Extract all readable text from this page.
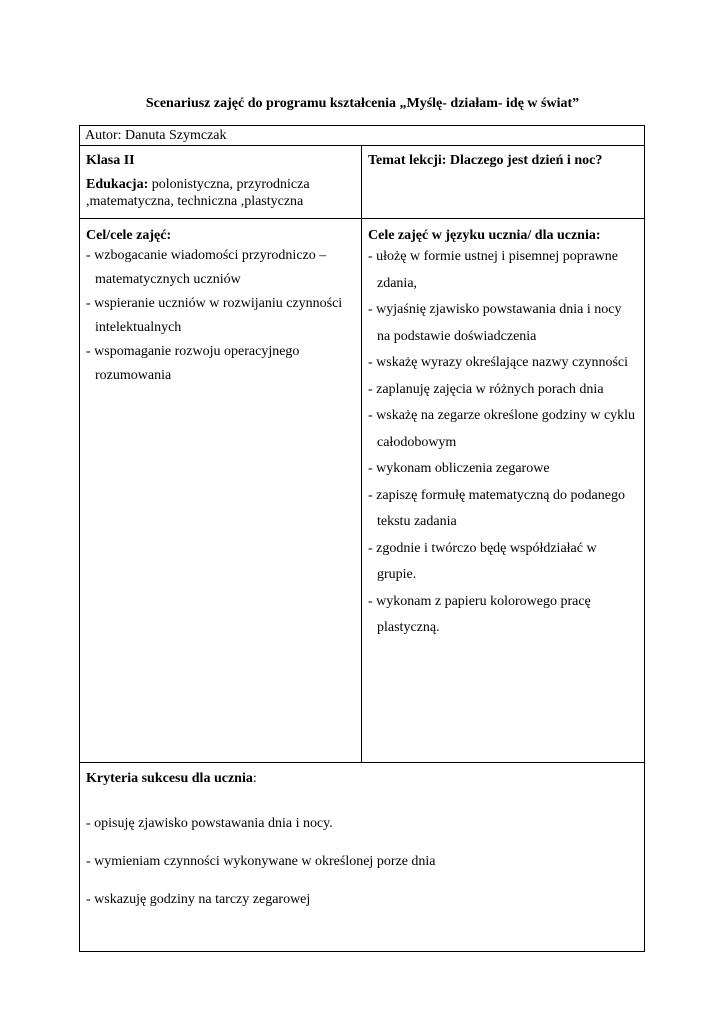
Scenariusz zajęć do programu kształcenia „Myślę- działam- idę w świat”
Autor: Danuta Szymczak
Klasa II
Edukacja: polonistyczna, przyrodnicza ,matematyczna, techniczna ,plastyczna
Temat lekcji: Dlaczego jest dzień i noc?
Cel/cele zajęć:
- wzbogacanie wiadomości przyrodniczo – matematycznych uczniów
- wspieranie uczniów w rozwijaniu czynności intelektualnych
- wspomaganie rozwoju operacyjnego rozumowania
Cele zajęć w języku ucznia/ dla ucznia:
- ułożę w formie ustnej i pisemnej poprawne zdania,
- wyjaśnię zjawisko powstawania dnia i nocy na podstawie doświadczenia
- wskażę wyrazy określające nazwy czynności
- zaplanuję zajęcia w różnych porach dnia
- wskażę na zegarze określone godziny w cyklu całodobowym
- wykonam obliczenia zegarowe
- zapiszę formułę matematyczną do podanego tekstu zadania
- zgodnie i twórczo będę współdziałać w grupie.
- wykonam z papieru kolorowego pracę plastyczną.

Kryteria sukcesu dla ucznia:

- opisuję zjawisko powstawania dnia i nocy.

- wymieniam czynności wykonywane w określonej porze dnia

- wskazuję godziny na tarczy zegarowej
